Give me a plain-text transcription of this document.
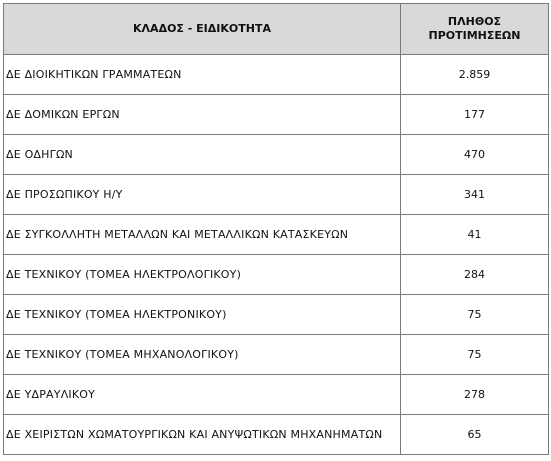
ΚΛΑΔΟΣ - ΕΙΔΙΚΟΤΗΤΑ	ΠΛΗΘΟΣ
ΠΡΟΤΙΜΗΣΕΩΝ
ΔΕ ΔΙΟΙΚΗΤΙΚΩΝ ΓΡΑΜΜΑΤΕΩΝ	2.859
ΔΕ ΔΟΜΙΚΩΝ ΕΡΓΩΝ	177
ΔΕ ΟΔΗΓΩΝ	470
ΔΕ ΠΡΟΣΩΠΙΚΟΥ Η/Υ	341
ΔΕ ΣΥΓΚΟΛΛΗΤΗ ΜΕΤΑΛΛΩΝ ΚΑΙ ΜΕΤΑΛΛΙΚΩΝ ΚΑΤΑΣΚΕΥΩΝ	41
ΔΕ ΤΕΧΝΙΚΟΥ (ΤΟΜΕΑ ΗΛΕΚΤΡΟΛΟΓΙΚΟΥ)	284
ΔΕ ΤΕΧΝΙΚΟΥ (ΤΟΜΕΑ ΗΛΕΚΤΡΟΝΙΚΟΥ)	75
ΔΕ ΤΕΧΝΙΚΟΥ (ΤΟΜΕΑ ΜΗΧΑΝΟΛΟΓΙΚΟΥ)	75
ΔΕ ΥΔΡΑΥΛΙΚΟΥ	278
ΔΕ ΧΕΙΡΙΣΤΩΝ ΧΩΜΑΤΟΥΡΓΙΚΩΝ ΚΑΙ ΑΝΥΨΩΤΙΚΩΝ ΜΗΧΑΝΗΜΑΤΩΝ	65
